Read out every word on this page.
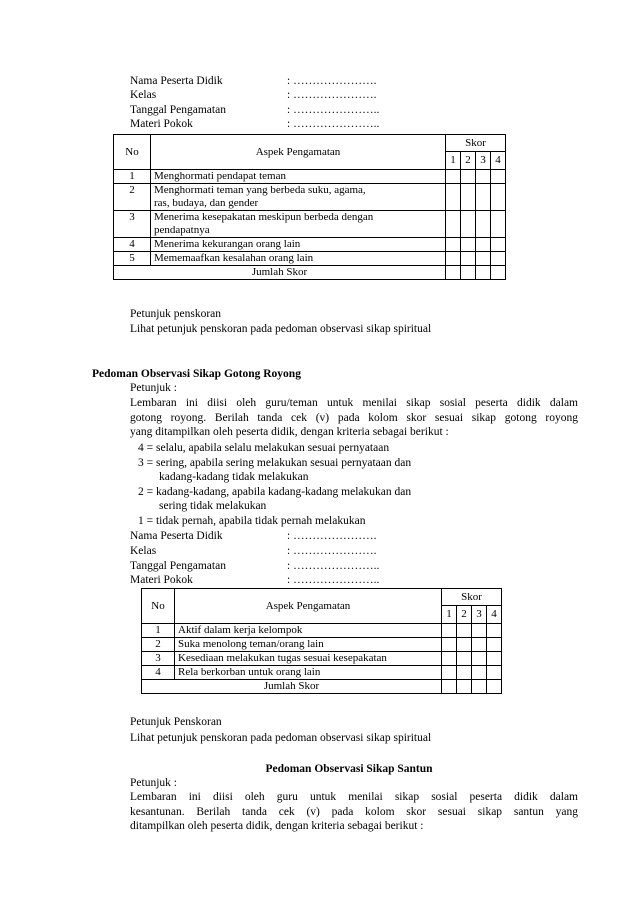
Nama Peserta Didik	: ………………….
Kelas	: ………………….
Tanggal Pengamatan	: …………………..
Materi Pokok	: …………………..
No	Aspek Pengamatan	Skor			
		1	2	3	4
1	Menghormati pendapat teman				
2	Menghormati teman yang berbeda suku, agama,
ras, budaya, dan gender				

3	Menerima kesepakatan meskipun berbeda dengan
pendapatnya				

4	Menerima kekurangan orang lain				
5	Mememaafkan kesalahan orang lain				
Jumlah Skor					
Petunjuk penskoran
Lihat petunjuk penskoran pada pedoman observasi sikap spiritual
Pedoman Observasi Sikap Gotong Royong
Petunjuk :
Lembaran ini diisi oleh guru/teman untuk menilai sikap sosial peserta didik dalam
gotong royong. Berilah tanda cek (v) pada kolom skor sesuai sikap gotong royong
yang ditampilkan oleh peserta didik, dengan kriteria sebagai berikut :
4 = selalu, apabila selalu melakukan sesuai pernyataan
3 = sering, apabila sering melakukan sesuai pernyataan dan
kadang-kadang tidak melakukan
2 = kadang-kadang, apabila kadang-kadang melakukan dan
sering tidak melakukan
1 = tidak pernah, apabila tidak pernah melakukan
Nama Peserta Didik	: ………………….
Kelas	: ………………….
Tanggal Pengamatan	: …………………..
Materi Pokok	: …………………..
No	Aspek Pengamatan	Skor			
		1	2	3	4
1	Aktif dalam kerja kelompok				
2	Suka menolong teman/orang lain				
3	Kesediaan melakukan tugas sesuai kesepakatan				
4	Rela berkorban untuk orang lain				
Jumlah Skor					
Petunjuk Penskoran
Lihat petunjuk penskoran pada pedoman observasi sikap spiritual
Pedoman Observasi Sikap Santun
Petunjuk :
Lembaran ini diisi oleh guru untuk menilai sikap sosial peserta didik dalam
kesantunan. Berilah tanda cek (v) pada kolom skor sesuai sikap santun yang
ditampilkan oleh peserta didik, dengan kriteria sebagai berikut :
